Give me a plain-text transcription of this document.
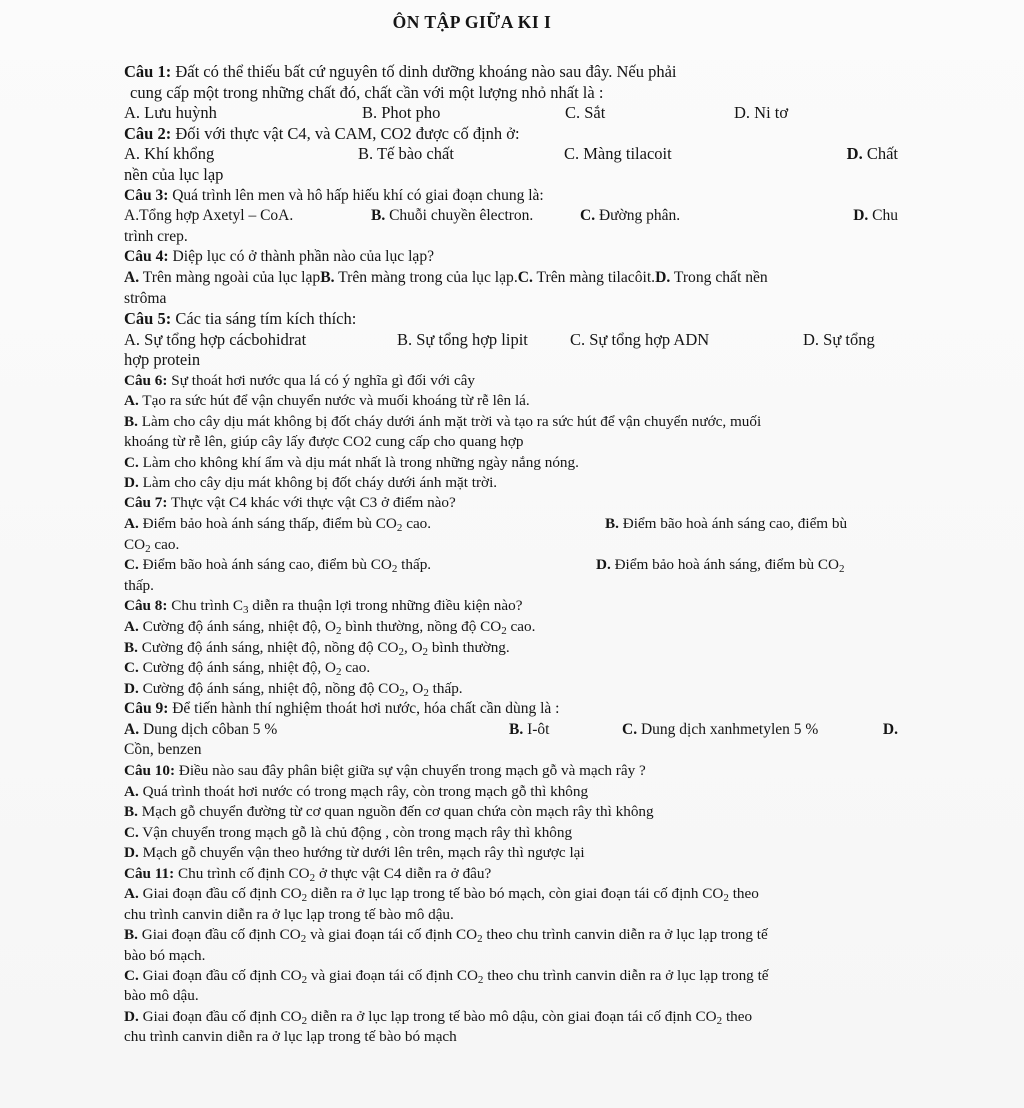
ÔN TẬP GIỮA KI I

Câu 1: Đất có thể thiếu bất cứ nguyên tố dinh dưỡng khoáng nào sau đây. Nếu phải

cung cấp một trong những chất đó, chất cần với một lượng nhỏ nhất là :

A. Lưu huỳnh	B. Phot pho	C. Sắt	D. Ni tơ

Câu 2: Đối với thực vật C4, và CAM, CO2 được cố định ở:

A. Khí khổng	B. Tế bào chất	C. Màng tilacoit	D. Chất

nền của lục lạp

Câu 3: Quá trình lên men và hô hấp hiếu khí có giai đoạn chung là:

A.Tổng hợp Axetyl – CoA.	B. Chuỗi chuyền êlectron.	C. Đường phân.	D. Chu

trình crep.

Câu 4: Diệp lục có ở thành phần nào của lục lạp?

A. Trên màng ngoài của lục lạpB. Trên màng trong của lục lạp.C. Trên màng tilacôit.D. Trong chất nền

strôma

Câu 5: Các tia sáng tím kích thích:

A. Sự tổng hợp cácbohidrat	B. Sự tổng hợp lipit	C. Sự tổng hợp ADN	D. Sự tổng

hợp protein

Câu 6: Sự thoát hơi nước qua lá có ý nghĩa gì đối với cây

A. Tạo ra sức hút để vận chuyển nước và muối khoáng từ rễ lên lá.

B. Làm cho cây dịu mát không bị đốt cháy dưới ánh mặt trời và tạo ra sức hút để vận chuyển nước, muối

khoáng từ rễ lên, giúp cây lấy được CO2 cung cấp cho quang hợp

C. Làm cho không khí ẩm và dịu mát nhất là trong những ngày nắng nóng.

D. Làm cho cây dịu mát không bị đốt cháy dưới ánh mặt trời.

Câu 7: Thực vật C4 khác với thực vật C3 ở điểm nào?

A. Điểm bảo hoà ánh sáng thấp, điểm bù $CO_2$ cao.	B. Điểm bão hoà ánh sáng cao, điểm bù

$CO_2$ cao.

C. Điểm bão hoà ánh sáng cao, điểm bù $CO_2$ thấp.	D. Điểm bảo hoà ánh sáng, điểm bù $CO_2$

thấp.

Câu 8: Chu trình $C_3$ diễn ra thuận lợi trong những điều kiện nào?

A. Cường độ ánh sáng, nhiệt độ, $O_2$ bình thường, nồng độ $CO_2$ cao.

B. Cường độ ánh sáng, nhiệt độ, nồng độ $CO_2$, $O_2$ bình thường.

C. Cường độ ánh sáng, nhiệt độ, $O_2$ cao.

D. Cường độ ánh sáng, nhiệt độ, nồng độ $CO_2$, $O_2$ thấp.

Câu 9: Để tiến hành thí nghiệm thoát hơi nước, hóa chất cần dùng là :

A. Dung dịch côban 5 %	B. I-ôt	C. Dung dịch xanhmetylen 5 %	D.

Cồn, benzen

Câu 10: Điều nào sau đây phân biệt giữa sự vận chuyển trong mạch gỗ và mạch rây ?

A. Quá trình thoát hơi nước có trong mạch rây, còn trong mạch gỗ thì không

B. Mạch gỗ chuyển đường từ cơ quan nguồn đến cơ quan chứa còn mạch rây thì không

C. Vận chuyển trong mạch gỗ là chủ động , còn trong mạch rây thì không

D. Mạch gỗ chuyển vận theo hướng từ dưới lên trên, mạch rây thì ngược lại

Câu 11: Chu trình cố định $CO_2$ ở thực vật C4 diễn ra ở đâu?

A. Giai đoạn đầu cố định $CO_2$ diễn ra ở lục lạp trong tế bào bó mạch, còn giai đoạn tái cố định $CO_2$ theo

chu trình canvin diễn ra ở lục lạp trong tế bào mô dậu.

B. Giai đoạn đầu cố định $CO_2$ và giai đoạn tái cố định $CO_2$ theo chu trình canvin diễn ra ở lục lạp trong tế

bào bó mạch.

C. Giai đoạn đầu cố định $CO_2$ và giai đoạn tái cố định $CO_2$ theo chu trình canvin diễn ra ở lục lạp trong tế

bào mô dậu.

D. Giai đoạn đầu cố định $CO_2$ diễn ra ở lục lạp trong tế bào mô dậu, còn giai đoạn tái cố định $CO_2$ theo

chu trình canvin diễn ra ở lục lạp trong tế bào bó mạch
